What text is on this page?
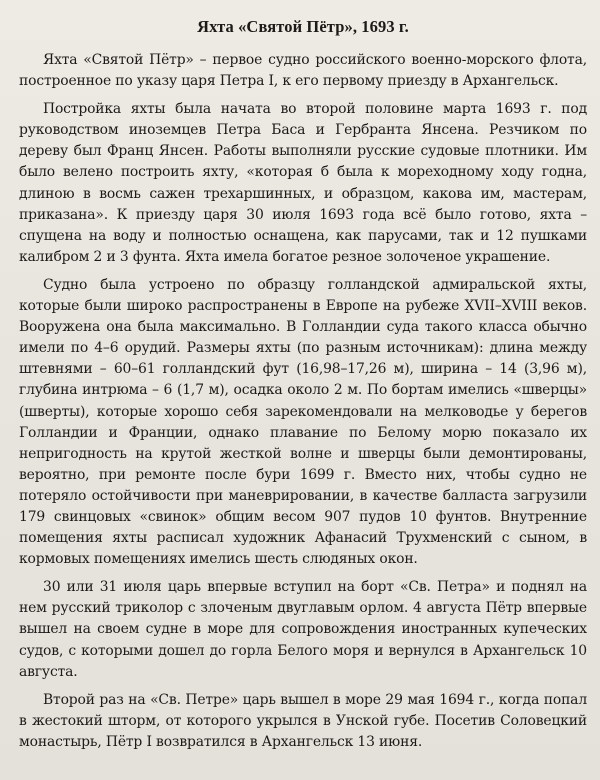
Яхта «Святой Пётр», 1693 г.

Яхта «Святой Пётр» – первое судно российского военно-морского флота, построенное по указу царя Петра I, к его первому приезду в Архангельск.

Постройка яхты была начата во второй половине марта 1693 г. под руководством иноземцев Петра Баса и Гербранта Янсена. Резчиком по дереву был Франц Янсен. Работы выполняли русские судовые плотники. Им было велено построить яхту, «которая б была к мореходному ходу годна, длиною в восмь сажен трехаршинных, и образцом, какова им, мастерам, приказана». К приезду царя 30 июля 1693 года всё было готово, яхта – спущена на воду и полностью оснащена, как парусами, так и 12 пушками калибром 2 и 3 фунта. Яхта имела богатое резное золоченое украшение.

Судно была устроено по образцу голландской адмиральской яхты, которые были широко распространены в Европе на рубеже XVII–XVIII веков. Вооружена она была максимально. В Голландии суда такого класса обычно имели по 4–6 орудий. Размеры яхты (по разным источникам): длина между штевнями – 60–61 голландский фут (16,98–17,26 м), ширина – 14 (3,96 м), глубина интрюма – 6 (1,7 м), осадка около 2 м. По бортам имелись «шверцы» (шверты), которые хорошо себя зарекомендовали на мелководье у берегов Голландии и Франции, однако плавание по Белому морю показало их непригодность на крутой жесткой волне и шверцы были демонтированы, вероятно, при ремонте после бури 1699 г. Вместо них, чтобы судно не потеряло остойчивости при маневрировании, в качестве балласта загрузили 179 свинцовых «свинок» общим весом 907 пудов 10 фунтов. Внутренние помещения яхты расписал художник Афанасий Трухменский с сыном, в кормовых помещениях имелись шесть слюдяных окон.

30 или 31 июля царь впервые вступил на борт «Св. Петра» и поднял на нем русский триколор с злоченым двуглавым орлом. 4 августа Пётр впервые вышел на своем судне в море для сопровождения иностранных купеческих судов, с которыми дошел до горла Белого моря и вернулся в Архангельск 10 августа.

Второй раз на «Св. Петре» царь вышел в море 29 мая 1694 г., когда попал в жестокий шторм, от которого укрылся в Унской губе. Посетив Соловецкий монастырь, Пётр I возвратился в Архангельск 13 июня.
